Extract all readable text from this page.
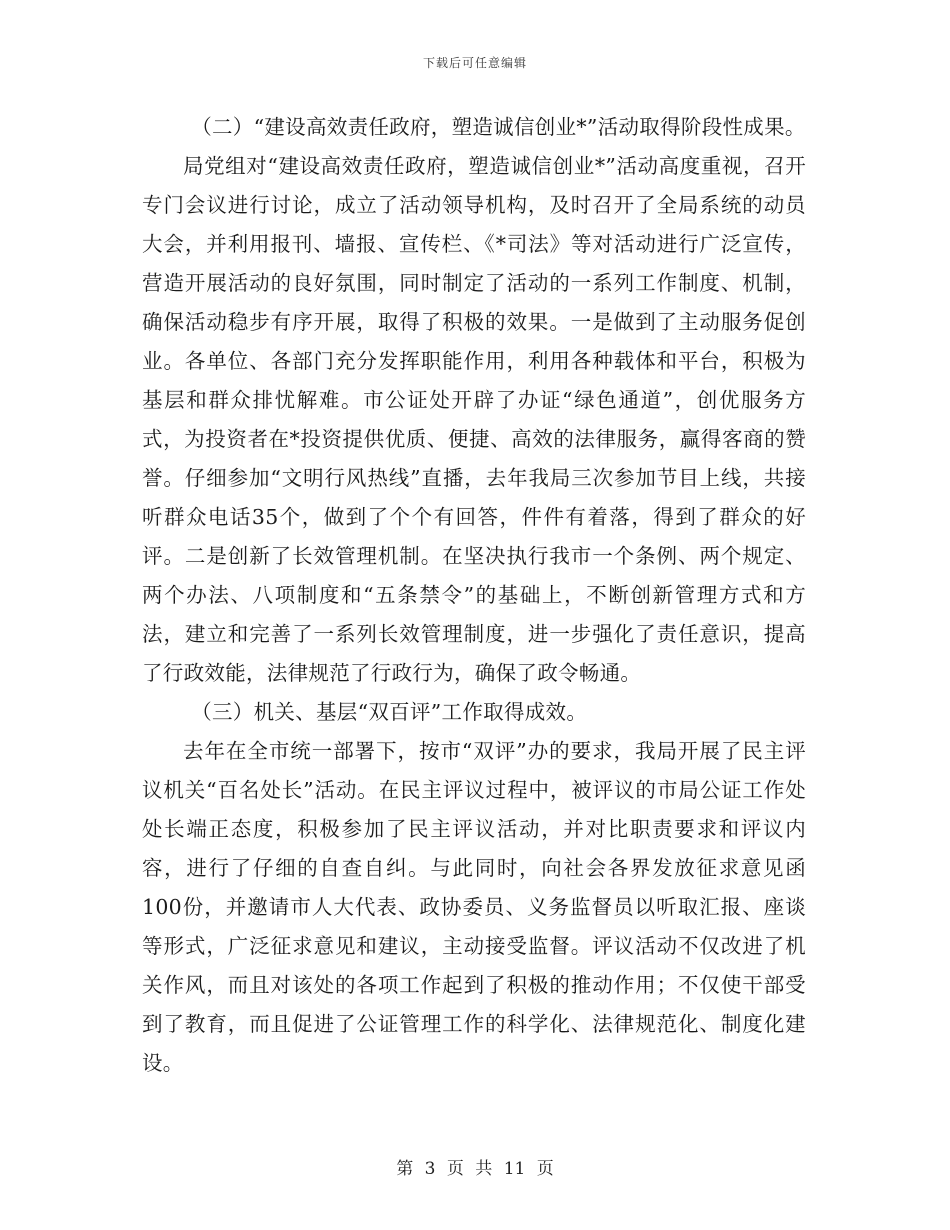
下载后可任意编辑

（二）“建设高效责任政府，塑造诚信创业*”活动取得阶段性成果。

局党组对“建设高效责任政府，塑造诚信创业*”活动高度重视，召开专门会议进行讨论，成立了活动领导机构，及时召开了全局系统的动员大会，并利用报刊、墙报、宣传栏、《*司法》等对活动进行广泛宣传，营造开展活动的良好氛围，同时制定了活动的一系列工作制度、机制，确保活动稳步有序开展，取得了积极的效果。一是做到了主动服务促创业。各单位、各部门充分发挥职能作用，利用各种载体和平台，积极为基层和群众排忧解难。市公证处开辟了办证“绿色通道”，创优服务方式，为投资者在*投资提供优质、便捷、高效的法律服务，赢得客商的赞誉。仔细参加“文明行风热线”直播，去年我局三次参加节目上线，共接听群众电话35个，做到了个个有回答，件件有着落，得到了群众的好评。二是创新了长效管理机制。在坚决执行我市一个条例、两个规定、两个办法、八项制度和“五条禁令”的基础上，不断创新管理方式和方法，建立和完善了一系列长效管理制度，进一步强化了责任意识，提高了行政效能，法律规范了行政行为，确保了政令畅通。

（三）机关、基层“双百评”工作取得成效。

去年在全市统一部署下，按市“双评”办的要求，我局开展了民主评议机关“百名处长”活动。在民主评议过程中，被评议的市局公证工作处处长端正态度，积极参加了民主评议活动，并对比职责要求和评议内容，进行了仔细的自查自纠。与此同时，向社会各界发放征求意见函100份，并邀请市人大代表、政协委员、义务监督员以听取汇报、座谈等形式，广泛征求意见和建议，主动接受监督。评议活动不仅改进了机关作风，而且对该处的各项工作起到了积极的推动作用；不仅使干部受到了教育，而且促进了公证管理工作的科学化、法律规范化、制度化建设。

第 3 页 共 11 页
